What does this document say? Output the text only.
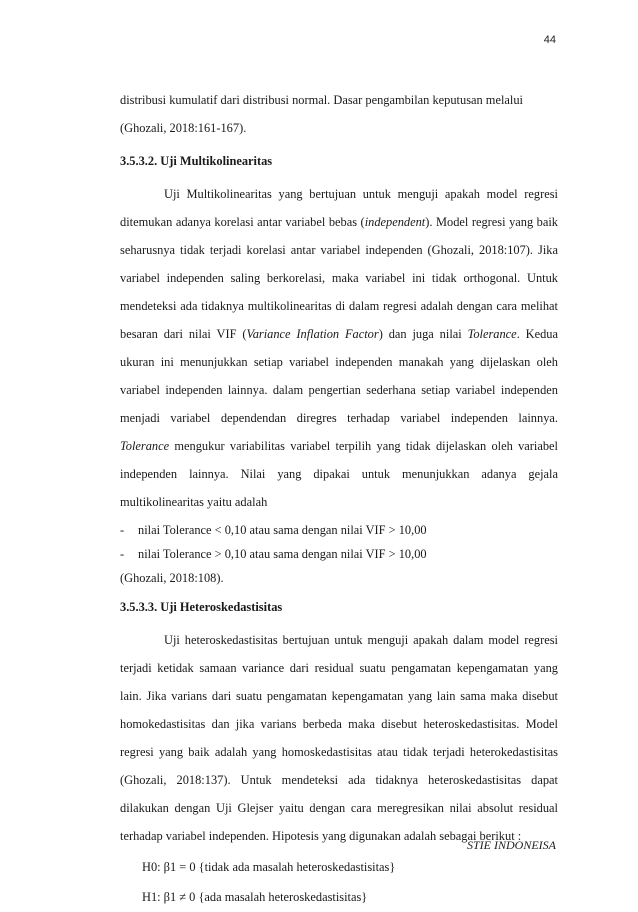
44

distribusi kumulatif dari distribusi normal. Dasar pengambilan keputusan melalui
(Ghozali, 2018:161-167).

3.5.3.2. Uji Multikolinearitas

Uji Multikolinearitas yang bertujuan untuk menguji apakah model regresi ditemukan adanya korelasi antar variabel bebas (independent). Model regresi yang baik seharusnya tidak terjadi korelasi antar variabel independen (Ghozali, 2018:107). Jika variabel independen saling berkorelasi, maka variabel ini tidak orthogonal. Untuk mendeteksi ada tidaknya multikolinearitas di dalam regresi adalah dengan cara melihat besaran dari nilai VIF (Variance Inflation Factor) dan juga nilai Tolerance. Kedua ukuran ini menunjukkan setiap variabel independen manakah yang dijelaskan oleh variabel independen lainnya. dalam pengertian sederhana setiap variabel independen menjadi variabel dependendan diregres terhadap variabel independen lainnya. Tolerance mengukur variabilitas variabel terpilih yang tidak dijelaskan oleh variabel independen lainnya. Nilai yang dipakai untuk menunjukkan adanya gejala multikolinearitas yaitu adalah

- nilai Tolerance < 0,10 atau sama dengan nilai VIF > 10,00
- nilai Tolerance > 0,10 atau sama dengan nilai VIF > 10,00
(Ghozali, 2018:108).
3.5.3.3. Uji Heteroskedastisitas

Uji heteroskedastisitas bertujuan untuk menguji apakah dalam model regresi terjadi ketidak samaan variance dari residual suatu pengamatan kepengamatan yang lain. Jika varians dari suatu pengamatan kepengamatan yang lain sama maka disebut homokedastisitas dan jika varians berbeda maka disebut heteroskedastisitas. Model regresi yang baik adalah yang homoskedastisitas atau tidak terjadi heterokedastisitas (Ghozali, 2018:137). Untuk mendeteksi ada tidaknya heteroskedastisitas dapat dilakukan dengan Uji Glejser yaitu dengan cara meregresikan nilai absolut residual terhadap variabel independen. Hipotesis yang digunakan adalah sebagai berikut :

H0: β1 = 0 {tidak ada masalah heteroskedastisitas}
H1: β1 ≠ 0 {ada masalah heteroskedastisitas}
STIE INDONEISA
